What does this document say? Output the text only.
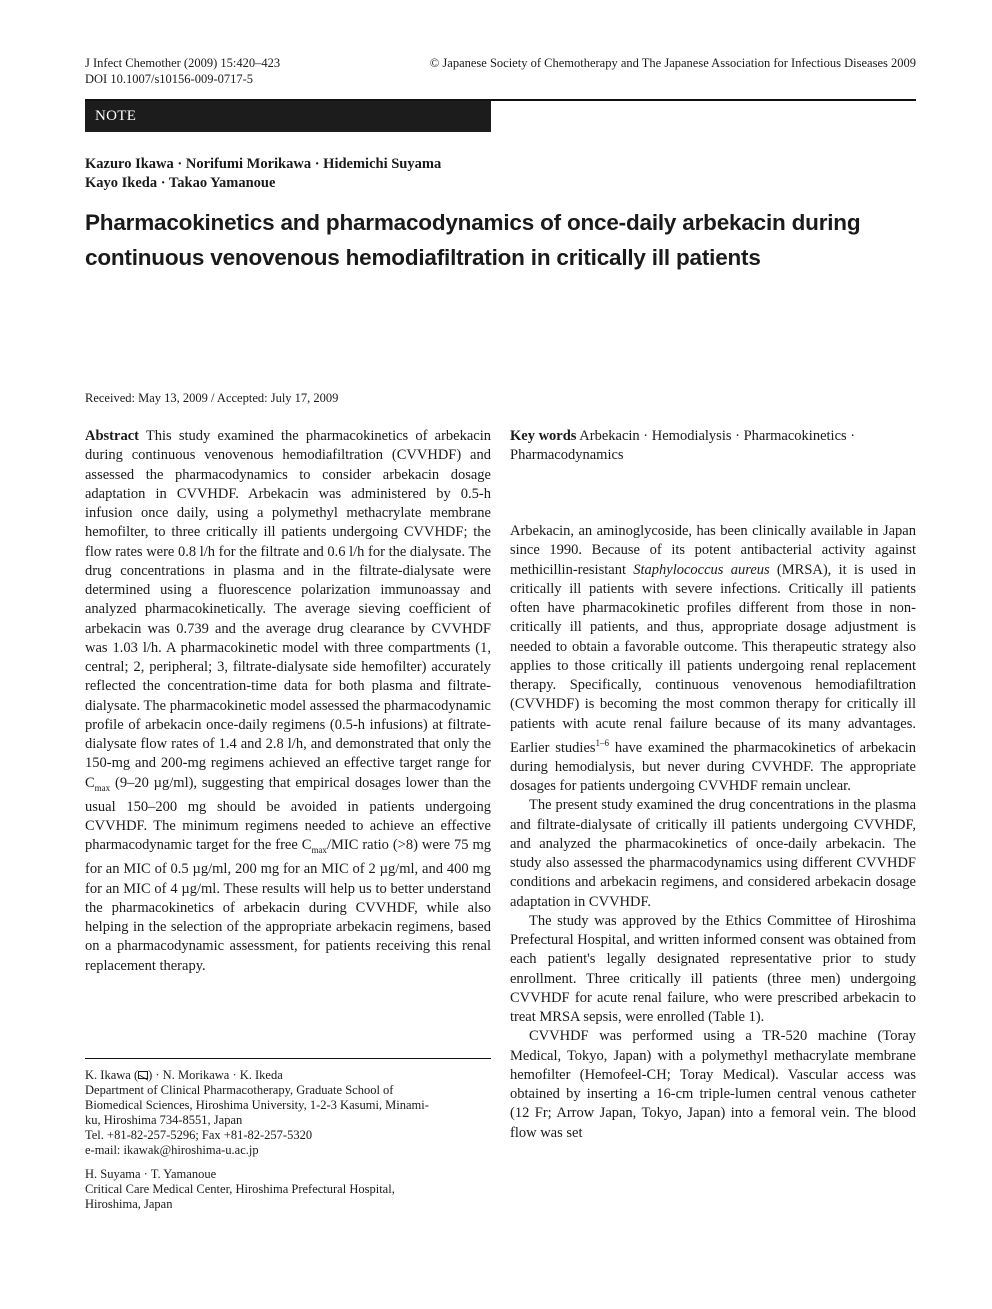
J Infect Chemother (2009) 15:420–423
DOI 10.1007/s10156-009-0717-5
© Japanese Society of Chemotherapy and The Japanese Association for Infectious Diseases 2009
NOTE
Kazuro Ikawa · Norifumi Morikawa · Hidemichi Suyama
Kayo Ikeda · Takao Yamanoue
Pharmacokinetics and pharmacodynamics of once-daily arbekacin during continuous venovenous hemodiafiltration in critically ill patients
Received: May 13, 2009 / Accepted: July 17, 2009

Abstract This study examined the pharmacokinetics of arbekacin during continuous venovenous hemodiafiltration (CVVHDF) and assessed the pharmacodynamics to consider arbekacin dosage adaptation in CVVHDF. Arbekacin was administered by 0.5-h infusion once daily, using a polymethyl methacrylate membrane hemofilter, to three critically ill patients undergoing CVVHDF; the flow rates were 0.8 l/h for the filtrate and 0.6 l/h for the dialysate. The drug concentrations in plasma and in the filtrate-dialysate were determined using a fluorescence polarization immunoassay and analyzed pharmacokinetically. The average sieving coefficient of arbekacin was 0.739 and the average drug clearance by CVVHDF was 1.03 l/h. A pharmacokinetic model with three compartments (1, central; 2, peripheral; 3, filtrate-dialysate side hemofilter) accurately reflected the concentration-time data for both plasma and filtrate-dialysate. The pharmacokinetic model assessed the pharmacodynamic profile of arbekacin once-daily regimens (0.5-h infusions) at filtrate-dialysate flow rates of 1.4 and 2.8 l/h, and demonstrated that only the 150-mg and 200-mg regimens achieved an effective target range for $C_{max}$ (9–20 µg/ml), suggesting that empirical dosages lower than the usual 150–200 mg should be avoided in patients undergoing CVVHDF. The minimum regimens needed to achieve an effective pharmacodynamic target for the free $C_{max}$/MIC ratio (>8) were 75 mg for an MIC of 0.5 µg/ml, 200 mg for an MIC of 2 µg/ml, and 400 mg for an MIC of 4 µg/ml. These results will help us to better understand the pharmacokinetics of arbekacin during CVVHDF, while also helping in the selection of the appropriate arbekacin regimens, based on a pharmacodynamic assessment, for patients receiving this renal replacement therapy.

Key words Arbekacin · Hemodialysis · Pharmacokinetics · Pharmacodynamics

Arbekacin, an aminoglycoside, has been clinically available in Japan since 1990. Because of its potent antibacterial activity against methicillin-resistant Staphylococcus aureus (MRSA), it is used in critically ill patients with severe infections. Critically ill patients often have pharmacokinetic profiles different from those in non-critically ill patients, and thus, appropriate dosage adjustment is needed to obtain a favorable outcome. This therapeutic strategy also applies to those critically ill patients undergoing renal replacement therapy. Specifically, continuous venovenous hemodiafiltration (CVVHDF) is becoming the most common therapy for critically ill patients with acute renal failure because of its many advantages. Earlier studies$^{1-6}$ have examined the pharmacokinetics of arbekacin during hemodialysis, but never during CVVHDF. The appropriate dosages for patients undergoing CVVHDF remain unclear.

The present study examined the drug concentrations in the plasma and filtrate-dialysate of critically ill patients undergoing CVVHDF, and analyzed the pharmacokinetics of once-daily arbekacin. The study also assessed the pharmacodynamics using different CVVHDF conditions and arbekacin regimens, and considered arbekacin dosage adaptation in CVVHDF.

The study was approved by the Ethics Committee of Hiroshima Prefectural Hospital, and written informed consent was obtained from each patient's legally designated representative prior to study enrollment. Three critically ill patients (three men) undergoing CVVHDF for acute renal failure, who were prescribed arbekacin to treat MRSA sepsis, were enrolled (Table 1).

CVVHDF was performed using a TR-520 machine (Toray Medical, Tokyo, Japan) with a polymethyl methacrylate membrane hemofilter (Hemofeel-CH; Toray Medical). Vascular access was obtained by inserting a 16-cm triple-lumen central venous catheter (12 Fr; Arrow Japan, Tokyo, Japan) into a femoral vein. The blood flow was set

K. Ikawa ( ) · N. Morikawa · K. Ikeda
Department of Clinical Pharmacotherapy, Graduate School of
Biomedical Sciences, Hiroshima University, 1-2-3 Kasumi, Minami-
ku, Hiroshima 734-8551, Japan
Tel. +81-82-257-5296; Fax +81-82-257-5320
e-mail: ikawak@hiroshima-u.ac.jp
H. Suyama · T. Yamanoue
Critical Care Medical Center, Hiroshima Prefectural Hospital,
Hiroshima, Japan
